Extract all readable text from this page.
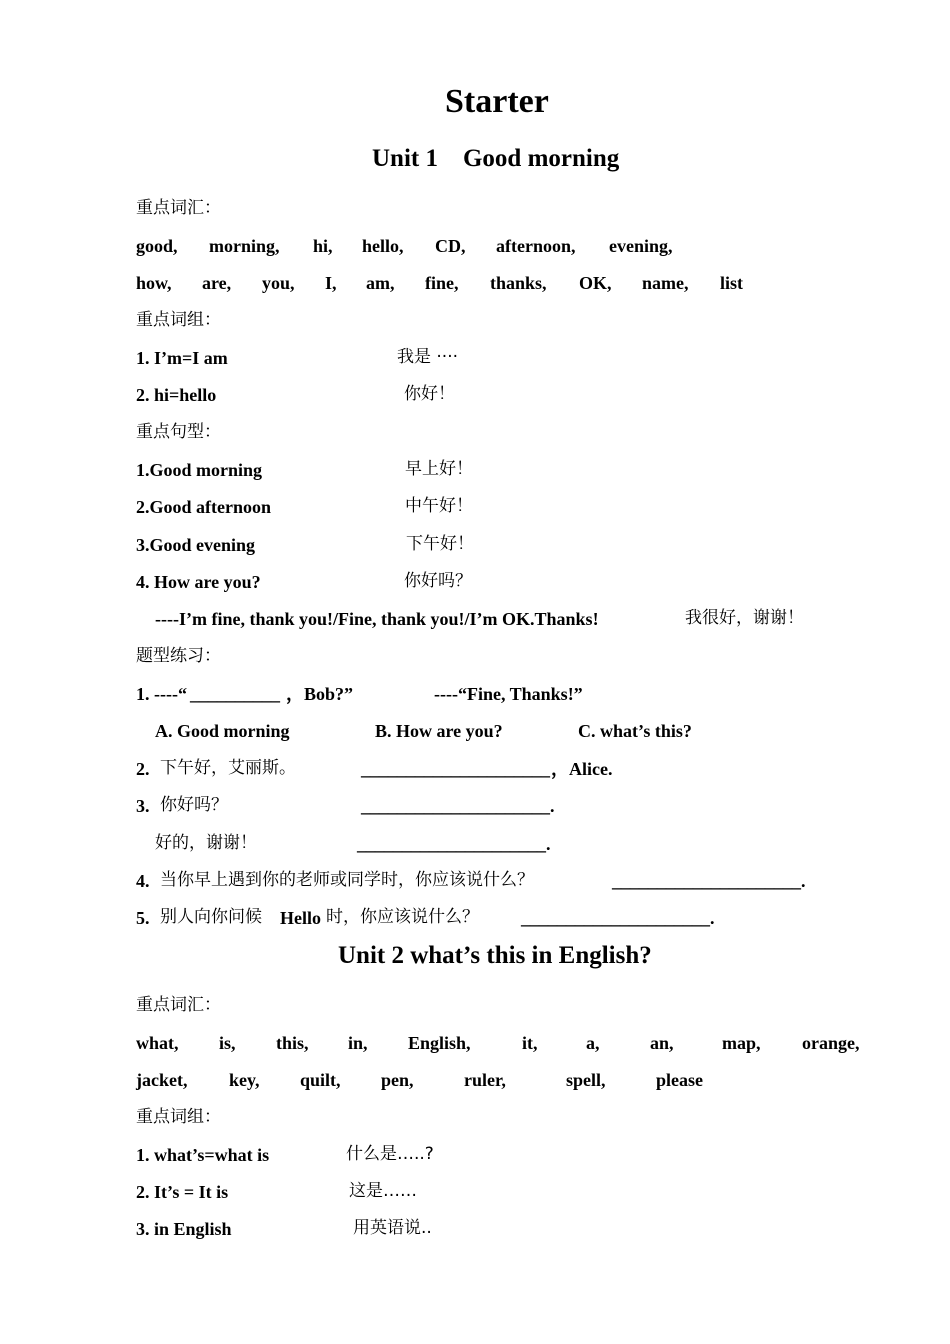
Starter
Unit 1    Good morning
重点词汇：
good, morning, hi, hello, CD, afternoon, evening,
how, are, you, I, am, fine, thanks, OK, name, list
重点词组：
1. I’m=I am	我是 ····
2. hi=hello	你好！
重点句型：
1.Good morning	早上好！
2.Good afternoon	中午好！
3.Good evening	下午好！
4. How are you?	你好吗？
----I’m fine, thank you!/Fine, thank you!/I’m OK.Thanks!	我很好，谢谢！
题型练习：
1. ----“ __________ ，Bob?”	----“Fine, Thanks!”
A. Good morning	B. How are you?	C. what’s this?
2. 下午好，艾丽斯。	_____________________ ，Alice.
3. 你好吗？	_____________________.
好的，谢谢！	_____________________.
4. 当你早上遇到你的老师或同学时，你应该说什么？	_____________________.
5. 别人向你问候 Hello 时，你应该说什么？ _____________________.
Unit 2 what’s this in English?
重点词汇：
what, is, this, in, English,	it,	a,	an,	map, orange,
jacket, key, quilt, pen,	ruler,	spell,	please
重点词组：
1. what’s=what is	什么是…..?
2. It’s = It is	这是……
3. in English	用英语说..
